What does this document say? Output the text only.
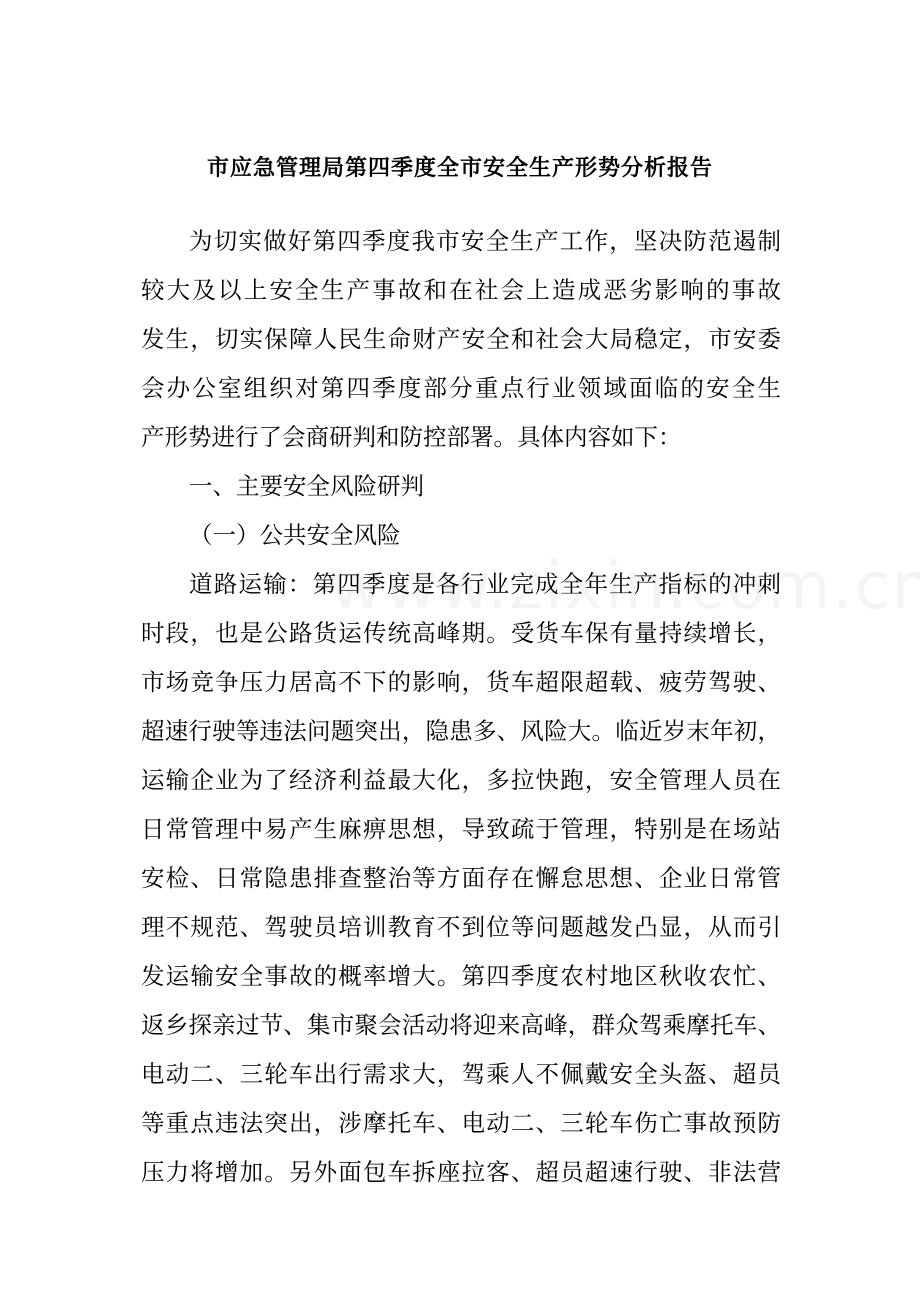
市应急管理局第四季度全市安全生产形势分析报告
为切实做好第四季度我市安全生产工作，坚决防范遏制
较大及以上安全生产事故和在社会上造成恶劣影响的事故
发生，切实保障人民生命财产安全和社会大局稳定，市安委
会办公室组织对第四季度部分重点行业领域面临的安全生
产形势进行了会商研判和防控部署。具体内容如下：
一、主要安全风险研判
（一）公共安全风险
道路运输：第四季度是各行业完成全年生产指标的冲刺
时段，也是公路货运传统高峰期。受货车保有量持续增长，
市场竞争压力居高不下的影响，货车超限超载、疲劳驾驶、
超速行驶等违法问题突出，隐患多、风险大。临近岁末年初，
运输企业为了经济利益最大化，多拉快跑，安全管理人员在
日常管理中易产生麻痹思想，导致疏于管理，特别是在场站
安检、日常隐患排查整治等方面存在懈怠思想、企业日常管
理不规范、驾驶员培训教育不到位等问题越发凸显，从而引
发运输安全事故的概率增大。第四季度农村地区秋收农忙、
返乡探亲过节、集市聚会活动将迎来高峰，群众驾乘摩托车、
电动二、三轮车出行需求大，驾乘人不佩戴安全头盔、超员
等重点违法突出，涉摩托车、电动二、三轮车伤亡事故预防
压力将增加。另外面包车拆座拉客、超员超速行驶、非法营
